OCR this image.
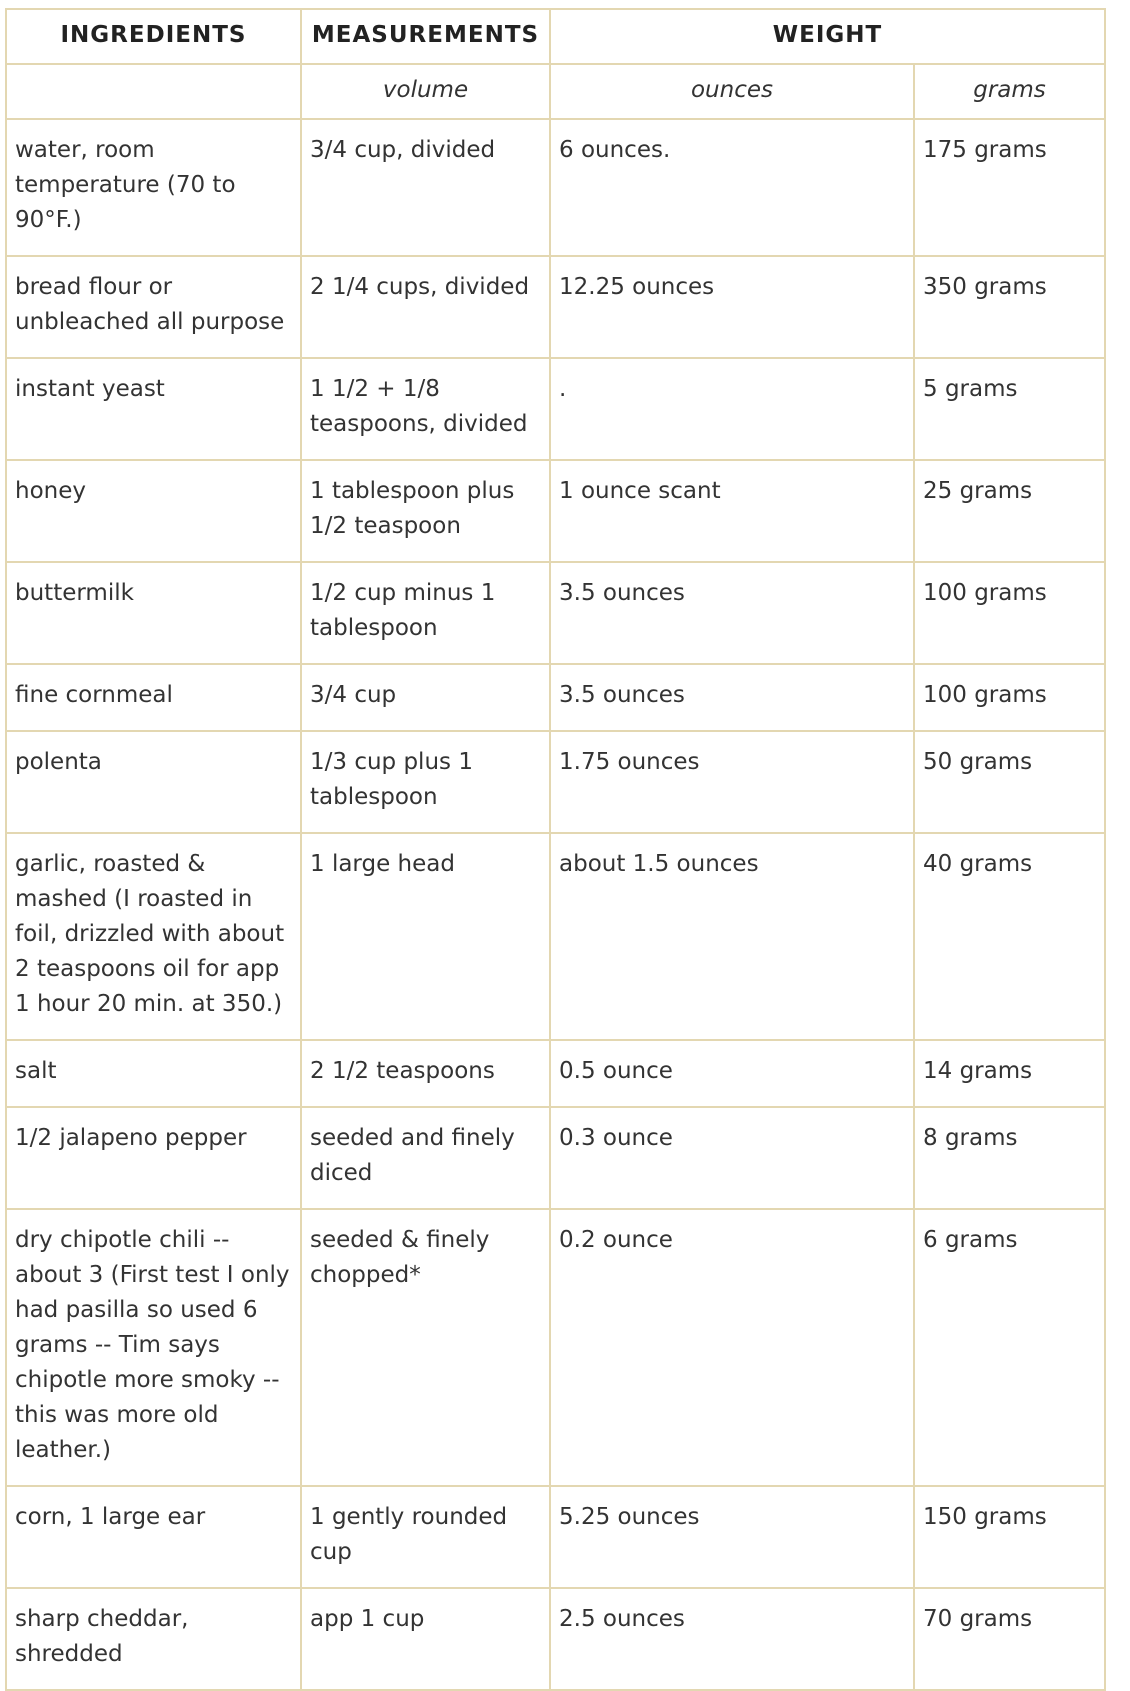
INGREDIENTS	MEASUREMENTS	WEIGHT	
	volume	ounces	grams
water, room temperature (70 to 90°F.)	3/4 cup, divided	6 ounces.	175 grams
bread flour or unbleached all purpose	2 1/4 cups, divided	12.25 ounces	350 grams
instant yeast	1 1/2 + 1/8 teaspoons, divided	.	5 grams
honey	1 tablespoon plus 1/2 teaspoon	1 ounce scant	25 grams
buttermilk	1/2 cup minus 1 tablespoon	3.5 ounces	100 grams
fine cornmeal	3/4 cup	3.5 ounces	100 grams
polenta	1/3 cup plus 1 tablespoon	1.75 ounces	50 grams
garlic, roasted & mashed (I roasted in foil, drizzled with about 2 teaspoons oil for app 1 hour 20 min. at 350.)	1 large head	about 1.5 ounces	40 grams
salt	2 1/2 teaspoons	0.5 ounce	14 grams
1/2 jalapeno pepper	seeded and finely diced	0.3 ounce	8 grams
dry chipotle chili -- about 3 (First test I only had pasilla so used 6 grams -- Tim says chipotle more smoky -- this was more old leather.)	seeded & finely chopped*	0.2 ounce	6 grams
corn, 1 large ear	1 gently rounded cup	5.25 ounces	150 grams
sharp cheddar, shredded	app 1 cup	2.5 ounces	70 grams
